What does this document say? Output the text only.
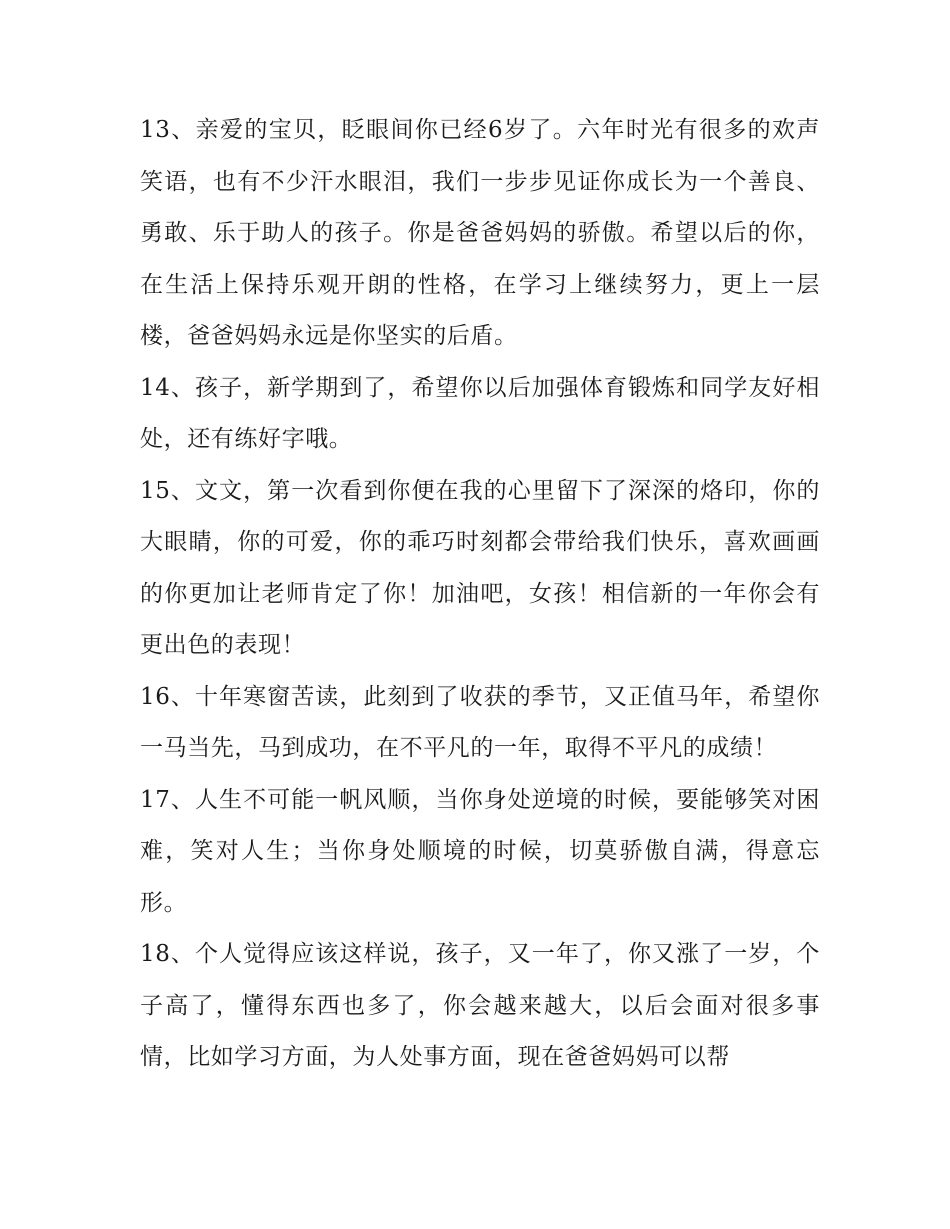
13、亲爱的宝贝，眨眼间你已经6岁了。六年时光有很多的欢声笑语，也有不少汗水眼泪，我们一步步见证你成长为一个善良、勇敢、乐于助人的孩子。你是爸爸妈妈的骄傲。希望以后的你，在生活上保持乐观开朗的性格，在学习上继续努力，更上一层楼，爸爸妈妈永远是你坚实的后盾。

14、孩子，新学期到了，希望你以后加强体育锻炼和同学友好相处，还有练好字哦。

15、文文，第一次看到你便在我的心里留下了深深的烙印，你的大眼睛，你的可爱，你的乖巧时刻都会带给我们快乐，喜欢画画的你更加让老师肯定了你！加油吧，女孩！相信新的一年你会有更出色的表现！

16、十年寒窗苦读，此刻到了收获的季节，又正值马年，希望你一马当先，马到成功，在不平凡的一年，取得不平凡的成绩！

17、人生不可能一帆风顺，当你身处逆境的时候，要能够笑对困难，笑对人生；当你身处顺境的时候，切莫骄傲自满，得意忘形。

18、个人觉得应该这样说，孩子，又一年了，你又涨了一岁，个子高了，懂得东西也多了，你会越来越大，以后会面对很多事情，比如学习方面，为人处事方面，现在爸爸妈妈可以帮
